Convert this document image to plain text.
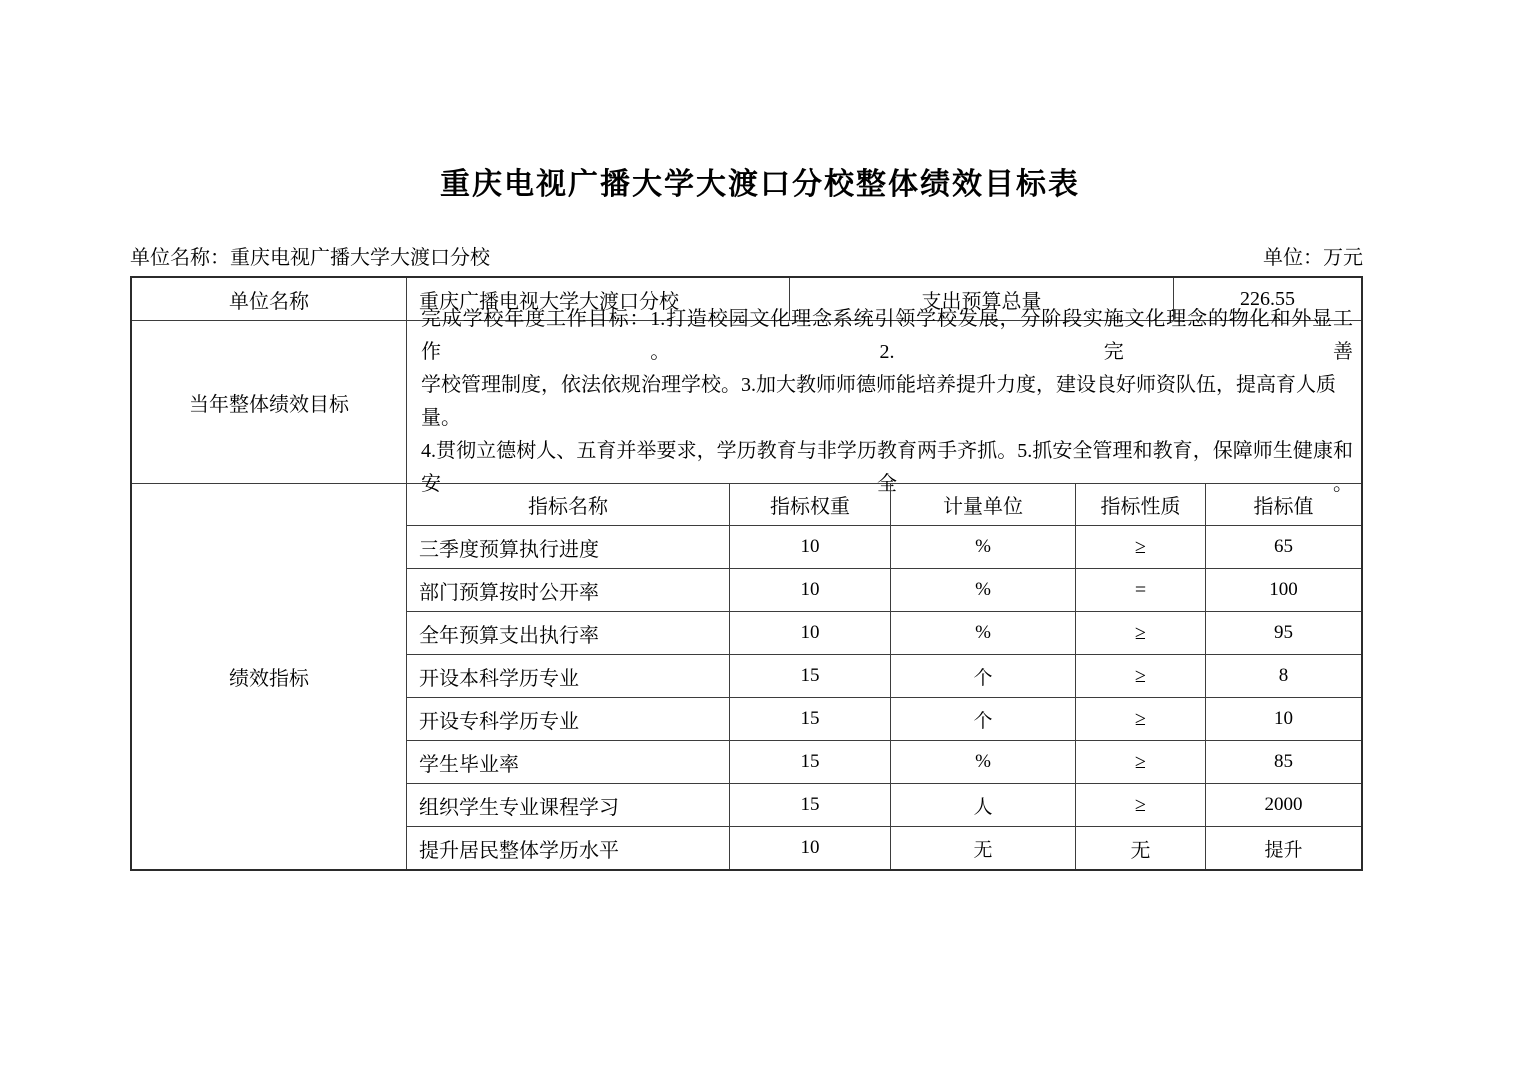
重庆电视广播大学大渡口分校整体绩效目标表
单位名称：重庆电视广播大学大渡口分校	单位：万元
单位名称	重庆广播电视大学大渡口分校	支出预算总量	226.55
当年整体绩效目标
完成学校年度工作目标：1.打造校园文化理念系统引领学校发展，分阶段实施文化理念的物化和外显工作。2.完善
学校管理制度，依法依规治理学校。3.加大教师师德师能培养提升力度，建设良好师资队伍，提高育人质量。
4.贯彻立德树人、五育并举要求，学历教育与非学历教育两手齐抓。5.抓安全管理和教育，保障师生健康和安全。
绩效指标
指标名称	指标权重	计量单位	指标性质	指标值
三季度预算执行进度	10	%	≥	65
部门预算按时公开率	10	%	=	100
全年预算支出执行率	10	%	≥	95
开设本科学历专业	15	个	≥	8
开设专科学历专业	15	个	≥	10
学生毕业率	15	%	≥	85
组织学生专业课程学习	15	人	≥	2000
提升居民整体学历水平	10	无	无	提升
